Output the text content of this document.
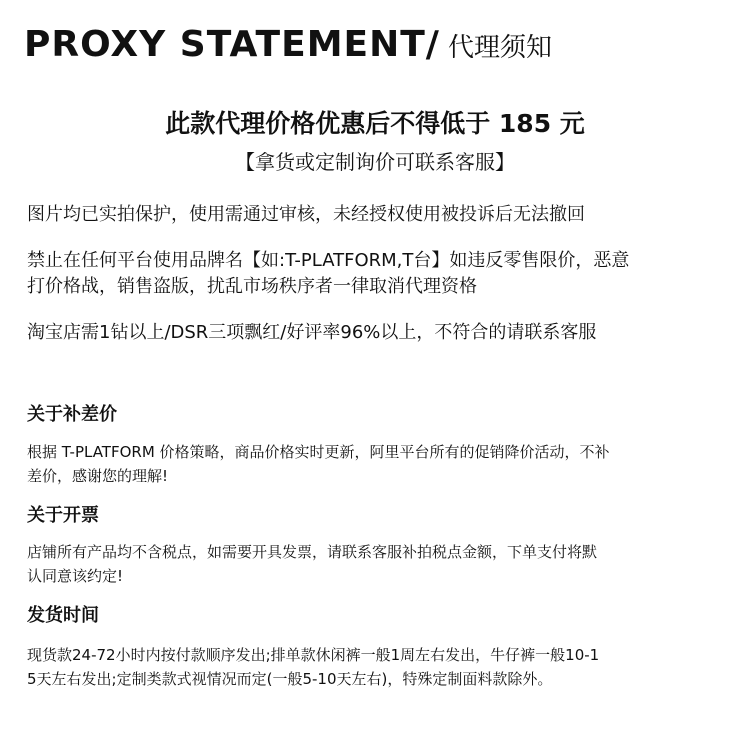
PROXY STATEMENT/ 代理须知
此款代理价格优惠后不得低于 185 元
【拿货或定制询价可联系客服】
图片均已实拍保护，使用需通过审核，未经授权使用被投诉后无法撤回
禁止在任何平台使用品牌名【如:T-PLATFORM,T台】如违反零售限价，恶意
打价格战，销售盗版，扰乱市场秩序者一律取消代理资格
淘宝店需1钻以上/DSR三项飘红/好评率96%以上，不符合的请联系客服
关于补差价
根据 T-PLATFORM 价格策略，商品价格实时更新，阿里平台所有的促销降价活动，不补
差价，感谢您的理解!
关于开票
店铺所有产品均不含税点，如需要开具发票，请联系客服补拍税点金额，下单支付将默
认同意该约定!
发货时间
现货款24-72小时内按付款顺序发出;排单款休闲裤一般1周左右发出，牛仔裤一般10-1
5天左右发出;定制类款式视情况而定(一般5-10天左右)，特殊定制面料款除外。
